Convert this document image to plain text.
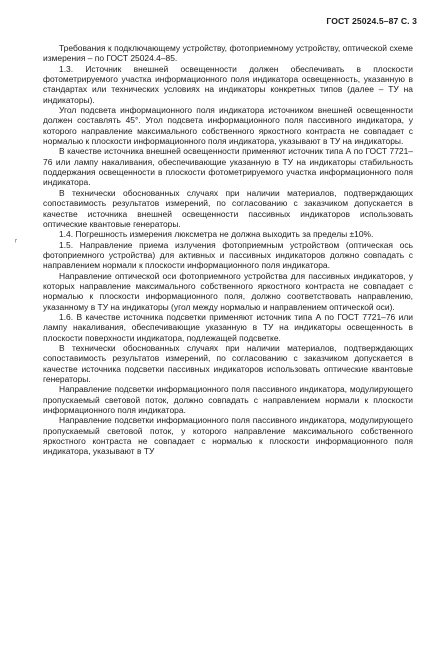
ГОСТ 25024.5–87 С. 3
ᵣ

Требования к подключающему устройству, фотоприемному устройству, оптической схеме измерения – по ГОСТ 25024.4–85.

1.3. Источник внешней освещенности должен обеспечивать в плоскости фотометрируемого участка информационного поля индикатора освещенность, указанную в стандартах или технических условиях на индикаторы конкретных типов (далее – ТУ на индикаторы).

Угол подсвета информационного поля индикатора источником внешней освещенности должен составлять 45°. Угол подсвета информационного поля пассивного индикатора, у которого направление максимального собственного яркостного контраста не совпадает с нормалью к плоскости информационного поля индикатора, указывают в ТУ на индикаторы.

В качестве источника внешней освещенности применяют источник типа А по ГОСТ 7721–76 или лампу накаливания, обеспечивающие указанную в ТУ на индикаторы стабильность поддержания освещенности в плоскости фотометрируемого участка информационного поля индикатора.

В технически обоснованных случаях при наличии материалов, подтверждающих сопоставимость результатов измерений, по согласованию с заказчиком допускается в качестве источника внешней освещенности пассивных индикаторов использовать оптические квантовые генераторы.

1.4. Погрешность измерения люксметра не должна выходить за пределы ±10%.

1.5. Направление приема излучения фотоприемным устройством (оптическая ось фотоприемного устройства) для активных и пассивных индикаторов должно совпадать с направлением нормали к плоскости информационного поля индикатора.

Направление оптической оси фотоприемного устройства для пассивных индикаторов, у которых направление максимального собственного яркостного контраста не совпадает с нормалью к плоскости информационного поля, должно соответствовать направлению, указанному в ТУ на индикаторы (угол между нормалью и направлением оптической оси).

1.6. В качестве источника подсветки применяют источник типа А по ГОСТ 7721–76 или лампу накаливания, обеспечивающие указанную в ТУ на индикаторы освещенность в плоскости поверхности индикатора, подлежащей подсветке.

В технически обоснованных случаях при наличии материалов, подтверждающих сопоставимость результатов измерений, по согласованию с заказчиком допускается в качестве источника подсветки пассивных индикаторов использовать оптические квантовые генераторы.

Направление подсветки информационного поля пассивного индикатора, модулирующего пропускаемый световой поток, должно совпадать с направлением нормали к плоскости информационного поля индикатора.

Направление подсветки информационного поля пассивного индикатора, модулирующего пропускаемый световой поток, у которого направление максимального собственного яркостного контраста не совпадает с нормалью к плоскости информационного поля индикатора, указывают в ТУ
